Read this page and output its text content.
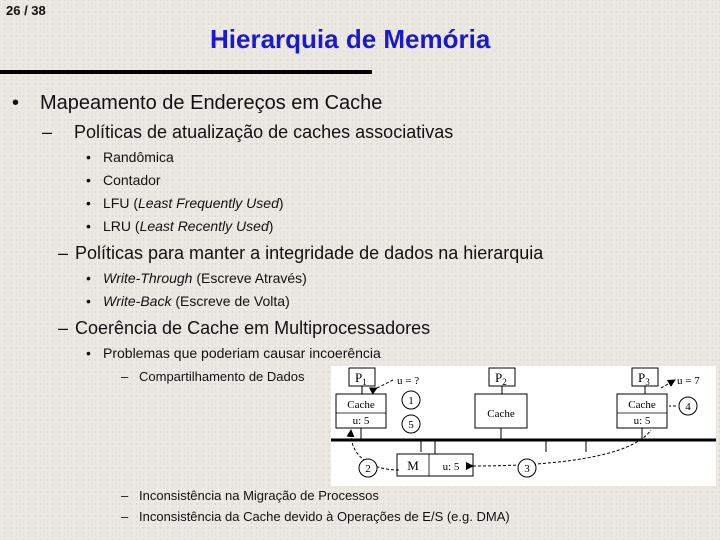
26 / 38
Hierarquia de Memória
• Mapeamento de Endereços em Cache
– Políticas de atualização de caches associativas
• Randômica
• Contador
• LFU (Least Frequently Used)
• LRU (Least Recently Used)
– Políticas para manter a integridade de dados na hierarquia
• Write-Through (Escreve Através)
• Write-Back (Escreve de Volta)
– Coerência de Cache em Multiprocessadores
• Problemas que poderiam causar incoerência
– Compartilhamento de Dados
– Inconsistência na Migração de Processos
– Inconsistência da Cache devido à Operações de E/S (e.g. DMA)
$P_1$	$P_2$	$P_3$
Cache
u: 5
Cache
Cache
u: 5
M u: 5
u = ?	u = 7
1
5
2	3
4
